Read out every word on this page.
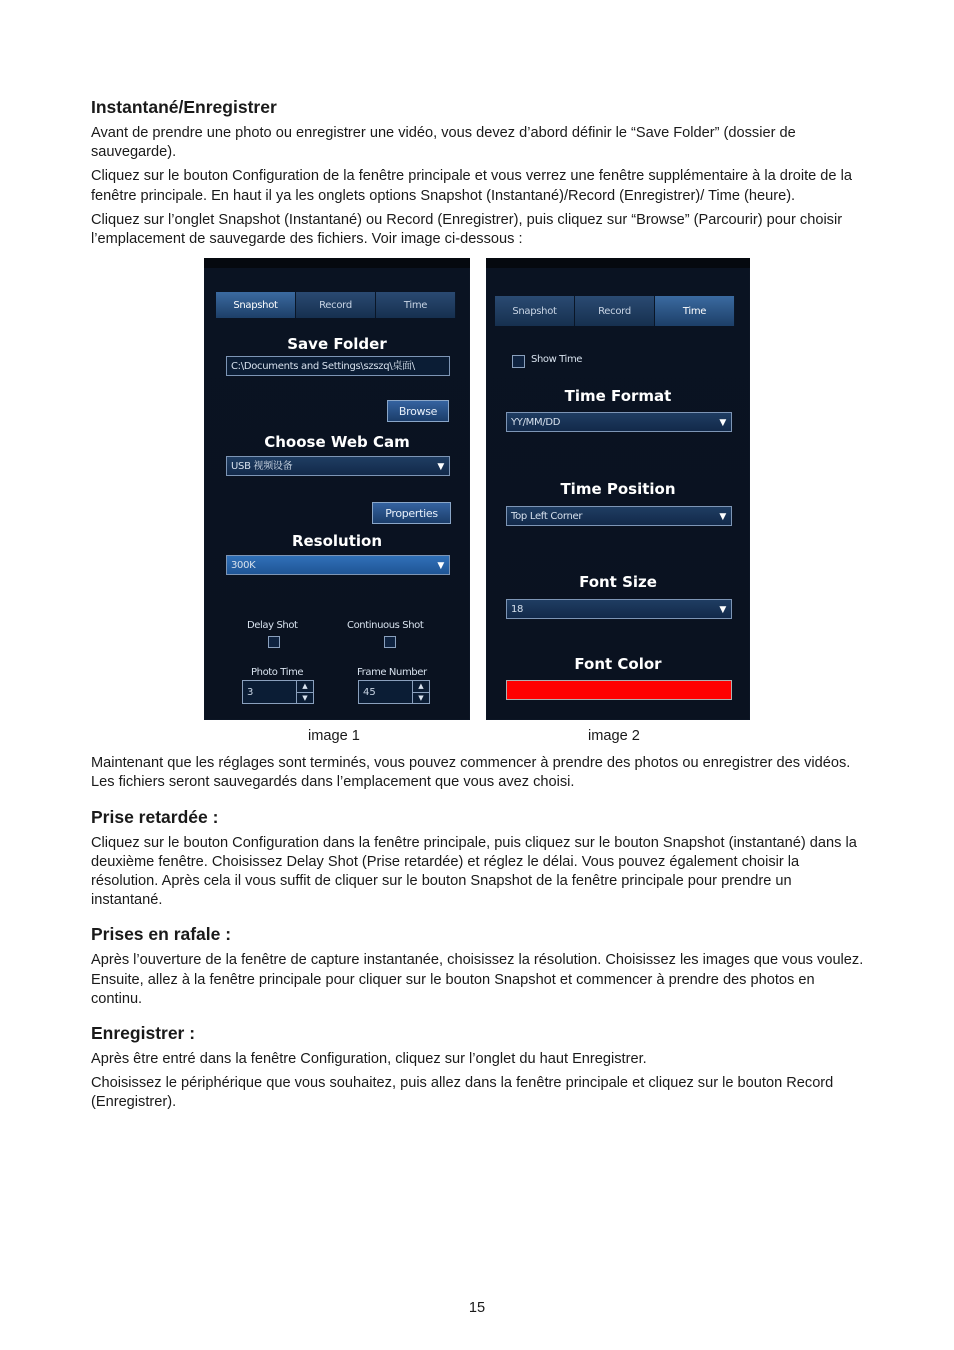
Instantané/Enregistrer

Avant de prendre une photo ou enregistrer une vidéo, vous devez d’abord définir le “Save Folder” (dossier de sauvegarde).

Cliquez sur le bouton Configuration de la fenêtre principale et vous verrez une fenêtre supplémentaire à la droite de la fenêtre principale. En haut il ya les onglets options Snapshot (Instantané)/Record (Enregistrer)/ Time (heure).

Cliquez sur l’onglet Snapshot (Instantané) ou Record (Enregistrer), puis cliquez sur “Browse” (Parcourir) pour choisir l’emplacement de sauvegarde des fichiers. Voir image ci-dessous :

Snapshot	Record	Time
Save Folder
C:\Documents and Settings\szszq\桌面\
Browse
Choose Web Cam
USB 视频设备	▼
Properties
Resolution
300K	▼
Delay Shot	Continuous Shot
Photo Time
3
▲
▼
Frame Number
45
▲
▼
Snapshot	Record	Time
Show Time
Time Format
YY/MM/DD	▼
Time Position
Top Left Corner	▼
Font Size
18	▼
Font Color
image 1	image 2

Maintenant que les réglages sont terminés, vous pouvez commencer à prendre des photos ou enregistrer des vidéos. Les fichiers seront sauvegardés dans l’emplacement que vous avez choisi.

Prise retardée :

Cliquez sur le bouton Configuration dans la fenêtre principale, puis cliquez sur le bouton Snapshot (instantané) dans la deuxième fenêtre. Choisissez Delay Shot (Prise retardée) et réglez le délai. Vous pouvez également choisir la résolution. Après cela il vous suffit de cliquer sur le bouton Snapshot de la fenêtre principale pour prendre un instantané.

Prises en rafale :

Après l’ouverture de la fenêtre de capture instantanée, choisissez la résolution. Choisissez les images que vous voulez. Ensuite, allez à la fenêtre principale pour cliquer sur le bouton Snapshot et commencer à prendre des photos en continu.

Enregistrer :

Après être entré dans la fenêtre Configuration, cliquez sur l’onglet du haut Enregistrer.

Choisissez le périphérique que vous souhaitez, puis allez dans la fenêtre principale et cliquez sur le bouton Record (Enregistrer).

15
